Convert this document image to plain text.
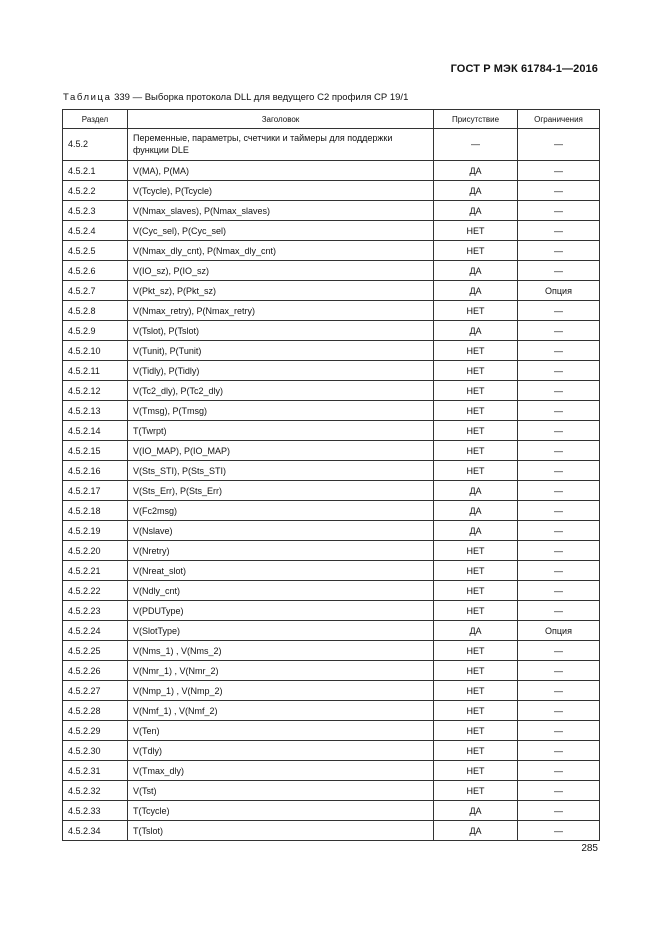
ГОСТ Р МЭК 61784-1—2016
Таблица 339 — Выборка протокола DLL для ведущего С2 профиля СР 19/1
Раздел	Заголовок	Присутствие	Ограничения
4.5.2	Переменные, параметры, счетчики и таймеры для поддержки функции DLE	—	—
4.5.2.1	V(MA), P(MA)	ДА	—
4.5.2.2	V(Tcycle), P(Tcycle)	ДА	—
4.5.2.3	V(Nmax_slaves), P(Nmax_slaves)	ДА	—
4.5.2.4	V(Cyc_sel), P(Cyc_sel)	НЕТ	—
4.5.2.5	V(Nmax_dly_cnt), P(Nmax_dly_cnt)	НЕТ	—
4.5.2.6	V(IO_sz), P(IO_sz)	ДА	—
4.5.2.7	V(Pkt_sz), P(Pkt_sz)	ДА	Опция
4.5.2.8	V(Nmax_retry), P(Nmax_retry)	НЕТ	—
4.5.2.9	V(Tslot), P(Tslot)	ДА	—
4.5.2.10	V(Tunit), P(Tunit)	НЕТ	—
4.5.2.11	V(Tidly), P(Tidly)	НЕТ	—
4.5.2.12	V(Tc2_dly), P(Tc2_dly)	НЕТ	—
4.5.2.13	V(Tmsg), P(Tmsg)	НЕТ	—
4.5.2.14	T(Twrpt)	НЕТ	—
4.5.2.15	V(IO_MAP), P(IO_MAP)	НЕТ	—
4.5.2.16	V(Sts_STI), P(Sts_STI)	НЕТ	—
4.5.2.17	V(Sts_Err), P(Sts_Err)	ДА	—
4.5.2.18	V(Fc2msg)	ДА	—
4.5.2.19	V(Nslave)	ДА	—
4.5.2.20	V(Nretry)	НЕТ	—
4.5.2.21	V(Nreat_slot)	НЕТ	—
4.5.2.22	V(Ndly_cnt)	НЕТ	—
4.5.2.23	V(PDUType)	НЕТ	—
4.5.2.24	V(SlotType)	ДА	Опция
4.5.2.25	V(Nms_1) , V(Nms_2)	НЕТ	—
4.5.2.26	V(Nmr_1) , V(Nmr_2)	НЕТ	—
4.5.2.27	V(Nmp_1) , V(Nmp_2)	НЕТ	—
4.5.2.28	V(Nmf_1) , V(Nmf_2)	НЕТ	—
4.5.2.29	V(Ten)	НЕТ	—
4.5.2.30	V(Tdly)	НЕТ	—
4.5.2.31	V(Tmax_dly)	НЕТ	—
4.5.2.32	V(Tst)	НЕТ	—
4.5.2.33	T(Tcycle)	ДА	—
4.5.2.34	T(Tslot)	ДА	—
285
